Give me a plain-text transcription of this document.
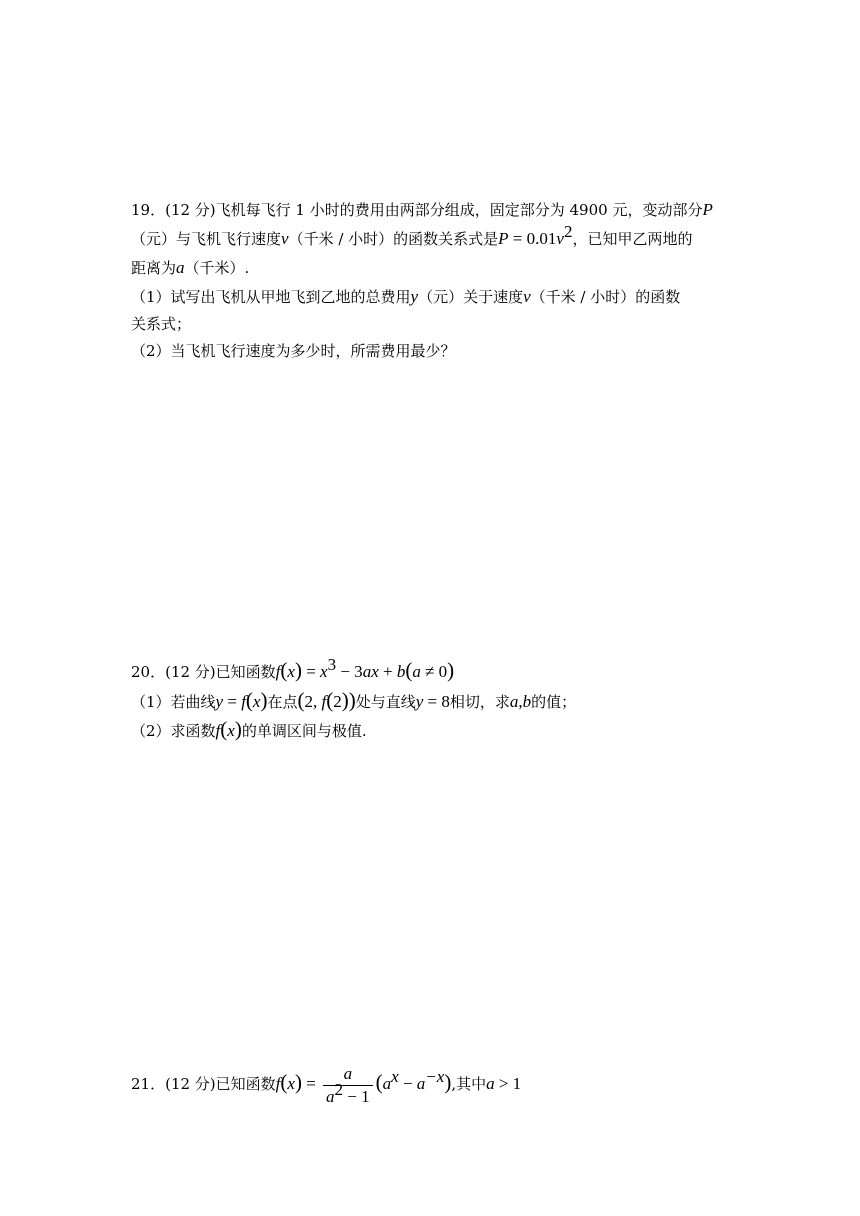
19．(12 分)飞机每飞行 1 小时的费用由两部分组成，固定部分为 4900 元，变动部分P
（元）与飞机飞行速度v（千米 / 小时）的函数关系式是$P = 0.01v^2$，已知甲乙两地的
距离为a（千米）.
（1）试写出飞机从甲地飞到乙地的总费用y（元）关于速度v（千米 / 小时）的函数
关系式；
（2）当飞机飞行速度为多少时，所需费用最少？
20．(12 分)已知函数$f(x) = x^3 - 3ax + b(a \ne 0)$
（1）若曲线y = f(x)在点(2, f(2))处与直线y = 8相切，求a,b的值；
（2）求函数f(x)的单调区间与极值.
21．(12 分)已知函数$f(x) = \frac{a}{a^2 - 1} (a^x - a^{-x})$,其中a > 1
